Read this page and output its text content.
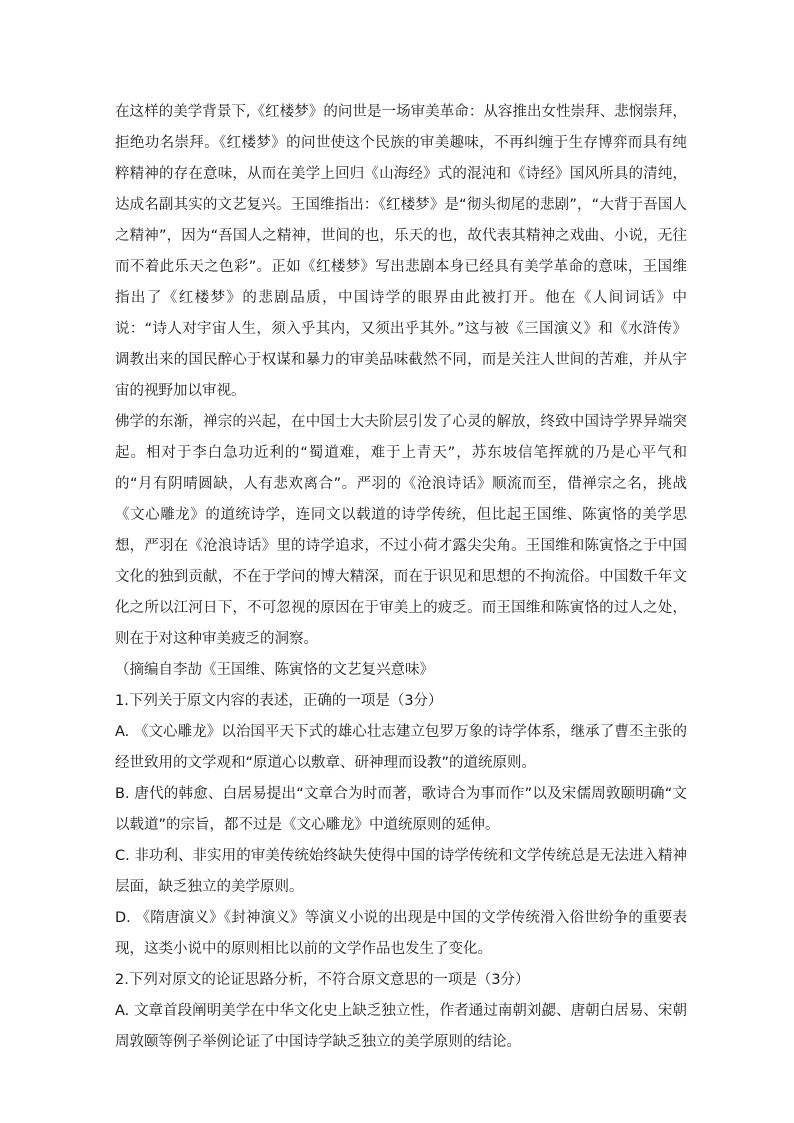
在这样的美学背景下,《红楼梦》的问世是一场审美革命：从容推出女性崇拜、悲悯崇拜，拒绝功名崇拜。《红楼梦》的问世使这个民族的审美趣味，不再纠缠于生存博弈而具有纯粹精神的存在意味，从而在美学上回归《山海经》式的混沌和《诗经》国风所具的清纯，达成名副其实的文艺复兴。王国维指出：《红楼梦》是“彻头彻尾的悲剧”，“大背于吾国人之精神”，因为“吾国人之精神，世间的也，乐天的也，故代表其精神之戏曲、小说，无往而不着此乐天之色彩”。正如《红楼梦》写出悲剧本身已经具有美学革命的意味，王国维指出了《红楼梦》的悲剧品质，中国诗学的眼界由此被打开。他在《人间词话》中说：“诗人对宇宙人生，须入乎其内，又须出乎其外。”这与被《三国演义》和《水浒传》调教出来的国民醉心于权谋和暴力的审美品味截然不同，而是关注人世间的苦难，并从宇宙的视野加以审视。

佛学的东渐，禅宗的兴起，在中国士大夫阶层引发了心灵的解放，终致中国诗学界异端突起。相对于李白急功近利的“蜀道难，难于上青天”，苏东坡信笔挥就的乃是心平气和的“月有阴晴圆缺，人有悲欢离合”。严羽的《沧浪诗话》顺流而至，借禅宗之名，挑战《文心雕龙》的道统诗学，连同文以载道的诗学传统，但比起王国维、陈寅恪的美学思想，严羽在《沧浪诗话》里的诗学追求，不过小荷才露尖尖角。王国维和陈寅恪之于中国文化的独到贡献，不在于学问的博大精深，而在于识见和思想的不拘流俗。中国数千年文化之所以江河日下，不可忽视的原因在于审美上的疲乏。而王国维和陈寅恪的过人之处，则在于对这种审美疲乏的洞察。

（摘编自李劼《王国维、陈寅恪的文艺复兴意味》

1.下列关于原文内容的表述，正确的一项是（3分）

A. 《文心雕龙》以治国平天下式的雄心壮志建立包罗万象的诗学体系，继承了曹丕主张的经世致用的文学观和“原道心以敷章、研神理而设教”的道统原则。

B. 唐代的韩愈、白居易提出“文章合为时而著，歌诗合为事而作”以及宋儒周敦颐明确“文以载道”的宗旨，都不过是《文心雕龙》中道统原则的延伸。

C. 非功利、非实用的审美传统始终缺失使得中国的诗学传统和文学传统总是无法进入精神层面，缺乏独立的美学原则。

D. 《隋唐演义》《封神演义》等演义小说的出现是中国的文学传统滑入俗世纷争的重要表现，这类小说中的原则相比以前的文学作品也发生了变化。

2.下列对原文的论证思路分析，不符合原文意思的一项是（3分）

A. 文章首段阐明美学在中华文化史上缺乏独立性，作者通过南朝刘勰、唐朝白居易、宋朝周敦颐等例子举例论证了中国诗学缺乏独立的美学原则的结论。
